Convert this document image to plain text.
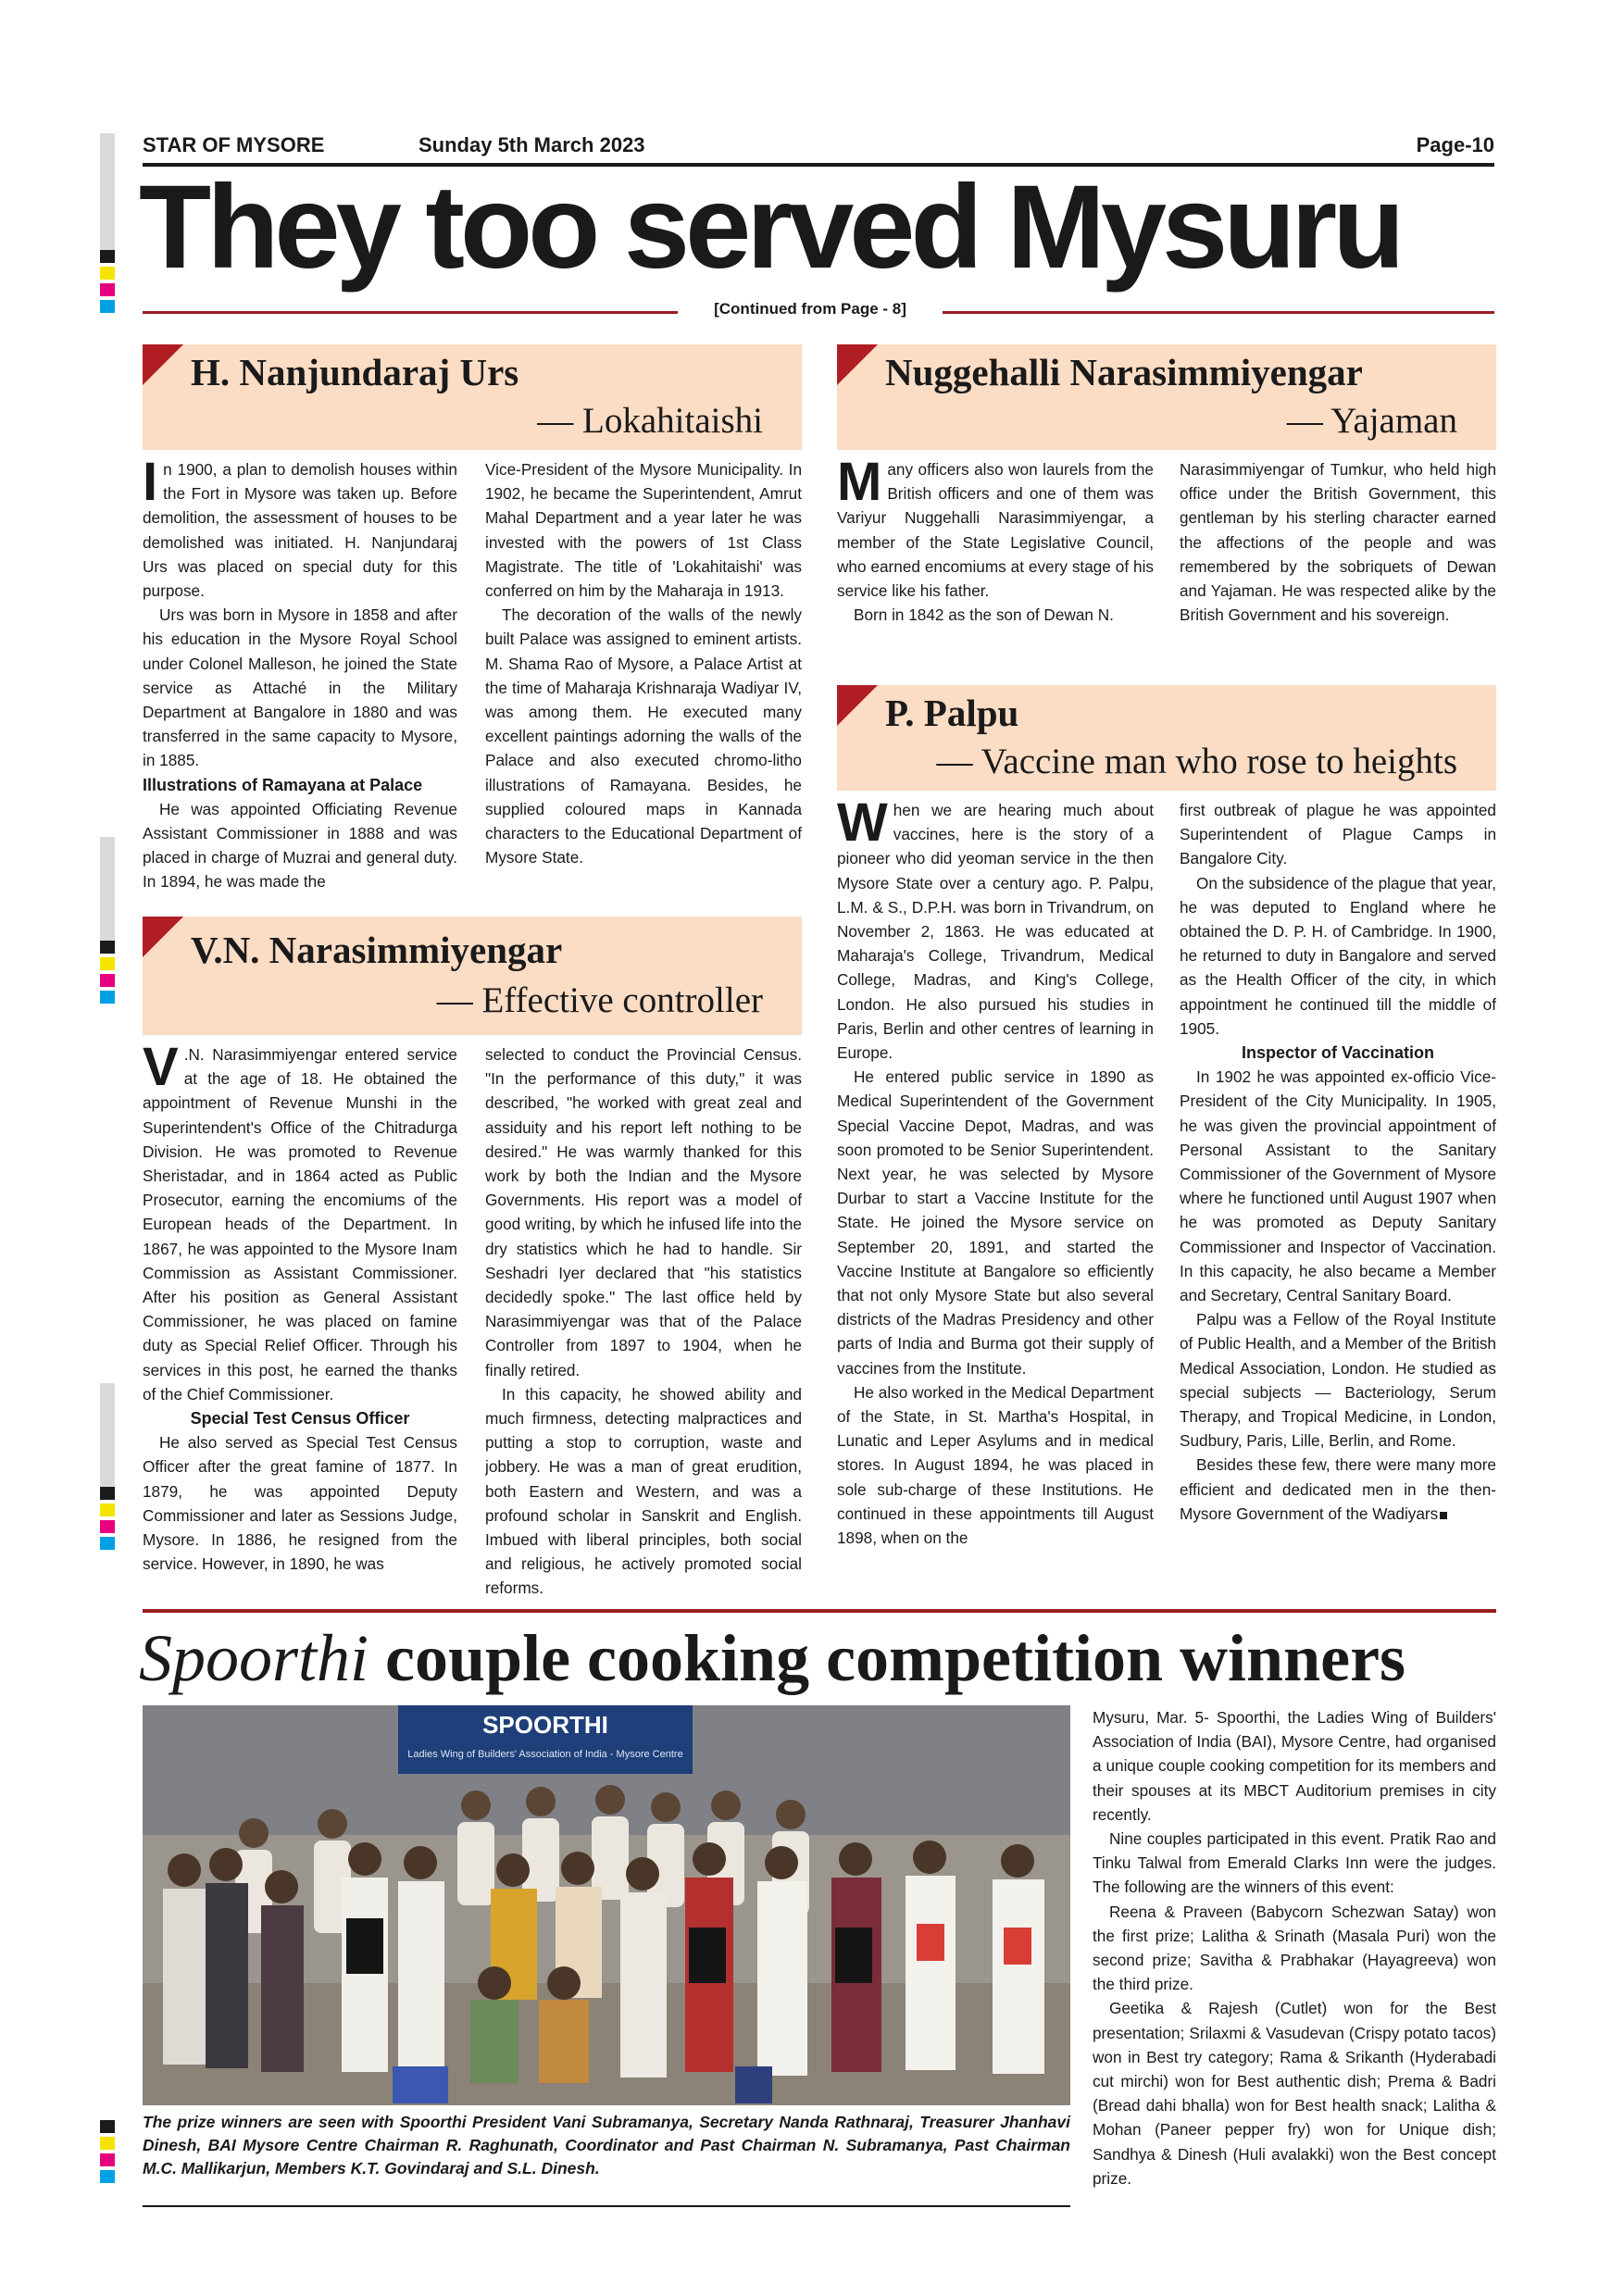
STAR OF MYSORE	Sunday 5th March 2023	Page-10
They too served Mysuru
[Continued from Page - 8]
H. Nanjundaraj Urs
— Lokahitaishi

In 1900, a plan to demolish houses within the Fort in Mysore was taken up. Before demolition, the assessment of houses to be demolished was initiated. H. Nanjundaraj Urs was placed on special duty for this purpose.

Urs was born in Mysore in 1858 and after his education in the Mysore Royal School under Colonel Malleson, he joined the State service as Attaché in the Military Department at Bangalore in 1880 and was transferred in the same capacity to Mysore, in 1885.

Illustrations of Ramayana at Palace

He was appointed Officiating Revenue Assistant Commissioner in 1888 and was placed in charge of Muzrai and general duty. In 1894, he was made the

Vice-President of the Mysore Municipality. In 1902, he became the Superintendent, Amrut Mahal Department and a year later he was invested with the powers of 1st Class Magistrate. The title of 'Lokahitaishi' was conferred on him by the Maharaja in 1913.

The decoration of the walls of the newly built Palace was assigned to eminent artists. M. Shama Rao of Mysore, a Palace Artist at the time of Maharaja Krishnaraja Wadiyar IV, was among them. He executed many excellent paintings adorning the walls of the Palace and also executed chromo-litho illustrations of Ramayana. Besides, he supplied coloured maps in Kannada characters to the Educational Department of Mysore State.

V.N. Narasimmiyengar
— Effective controller

V .N. Narasimmiyengar entered service at the age of 18. He obtained the appointment of Revenue Munshi in the Superintendent's Office of the Chitradurga Division. He was promoted to Revenue Sheristadar, and in 1864 acted as Public Prosecutor, earning the encomiums of the European heads of the Department. In 1867, he was appointed to the Mysore Inam Commission as Assistant Commissioner. After his position as General Assistant Commissioner, he was placed on famine duty as Special Relief Officer. Through his services in this post, he earned the thanks of the Chief Commissioner.

Special Test Census Officer

He also served as Special Test Census Officer after the great famine of 1877. In 1879, he was appointed Deputy Commissioner and later as Sessions Judge, Mysore. In 1886, he resigned from the service. However, in 1890, he was

selected to conduct the Provincial Census. "In the performance of this duty," it was described, "he worked with great zeal and assiduity and his report left nothing to be desired." He was warmly thanked for this work by both the Indian and the Mysore Governments. His report was a model of good writing, by which he infused life into the dry statistics which he had to handle. Sir Seshadri Iyer declared that "his statistics decidedly spoke." The last office held by Narasimmiyengar was that of the Palace Controller from 1897 to 1904, when he finally retired.

In this capacity, he showed ability and much firmness, detecting malpractices and putting a stop to corruption, waste and jobbery. He was a man of great erudition, both Eastern and Western, and was a profound scholar in Sanskrit and English. Imbued with liberal principles, both social and religious, he actively promoted social reforms.

Nuggehalli Narasimmiyengar
— Yajaman

Many officers also won laurels from the British officers and one of them was Variyur Nuggehalli Narasimmiyengar, a member of the State Legislative Council, who earned encomiums at every stage of his service like his father.

Born in 1842 as the son of Dewan N.

Narasimmiyengar of Tumkur, who held high office under the British Government, this gentleman by his sterling character earned the affections of the people and was remembered by the sobriquets of Dewan and Yajaman. He was respected alike by the British Government and his sovereign.

P. Palpu
— Vaccine man who rose to heights

When we are hearing much about vaccines, here is the story of a pioneer who did yeoman service in the then Mysore State over a century ago. P. Palpu, L.M. & S., D.P.H. was born in Trivandrum, on November 2, 1863. He was educated at Maharaja's College, Trivandrum, Medical College, Madras, and King's College, London. He also pursued his studies in Paris, Berlin and other centres of learning in Europe.

He entered public service in 1890 as Medical Superintendent of the Government Special Vaccine Depot, Madras, and was soon promoted to be Senior Superintendent. Next year, he was selected by Mysore Durbar to start a Vaccine Institute for the State. He joined the Mysore service on September 20, 1891, and started the Vaccine Institute at Bangalore so efficiently that not only Mysore State but also several districts of the Madras Presidency and other parts of India and Burma got their supply of vaccines from the Institute.

He also worked in the Medical Department of the State, in St. Martha's Hospital, in Lunatic and Leper Asylums and in medical stores. In August 1894, he was placed in sole sub-charge of these Institutions. He continued in these appointments till August 1898, when on the

first outbreak of plague he was appointed Superintendent of Plague Camps in Bangalore City.

On the subsidence of the plague that year, he was deputed to England where he obtained the D. P. H. of Cambridge. In 1900, he returned to duty in Bangalore and served as the Health Officer of the city, in which appointment he continued till the middle of 1905.

Inspector of Vaccination

In 1902 he was appointed ex-officio Vice-President of the City Municipality. In 1905, he was given the provincial appointment of Personal Assistant to the Sanitary Commissioner of the Government of Mysore where he functioned until August 1907 when he was promoted as Deputy Sanitary Commissioner and Inspector of Vaccination. In this capacity, he also became a Member and Secretary, Central Sanitary Board.

Palpu was a Fellow of the Royal Institute of Public Health, and a Member of the British Medical Association, London. He studied as special subjects — Bacteriology, Serum Therapy, and Tropical Medicine, in London, Sudbury, Paris, Lille, Berlin, and Rome.

Besides these few, there were many more efficient and dedicated men in the then-Mysore Government of the Wadiyars

Spoorthi couple cooking competition winners
SPOORTHI
Ladies Wing of Builders' Association of India - Mysore Centre
The prize winners are seen with Spoorthi President Vani Subramanya, Secretary Nanda Rathnaraj, Treasurer Jhanhavi Dinesh, BAI Mysore Centre Chairman R. Raghunath, Coordinator and Past Chairman N. Subramanya, Past Chairman M.C. Mallikarjun, Members K.T. Govindaraj and S.L. Dinesh.

Mysuru, Mar. 5- Spoorthi, the Ladies Wing of Builders' Association of India (BAI), Mysore Centre, had organised a unique couple cooking competition for its members and their spouses at its MBCT Auditorium premises in city recently.

Nine couples participated in this event. Pratik Rao and Tinku Talwal from Emerald Clarks Inn were the judges. The following are the winners of this event:

Reena & Praveen (Babycorn Schezwan Satay) won the first prize; Lalitha & Srinath (Masala Puri) won the second prize; Savitha & Prabhakar (Hayagreeva) won the third prize.

Geetika & Rajesh (Cutlet) won for the Best presentation; Srilaxmi & Vasudevan (Crispy potato tacos) won in Best try category; Rama & Srikanth (Hyderabadi cut mirchi) won for Best authentic dish; Prema & Badri (Bread dahi bhalla) won for Best health snack; Lalitha & Mohan (Paneer pepper fry) won for Unique dish; Sandhya & Dinesh (Huli avalakki) won the Best concept prize.
